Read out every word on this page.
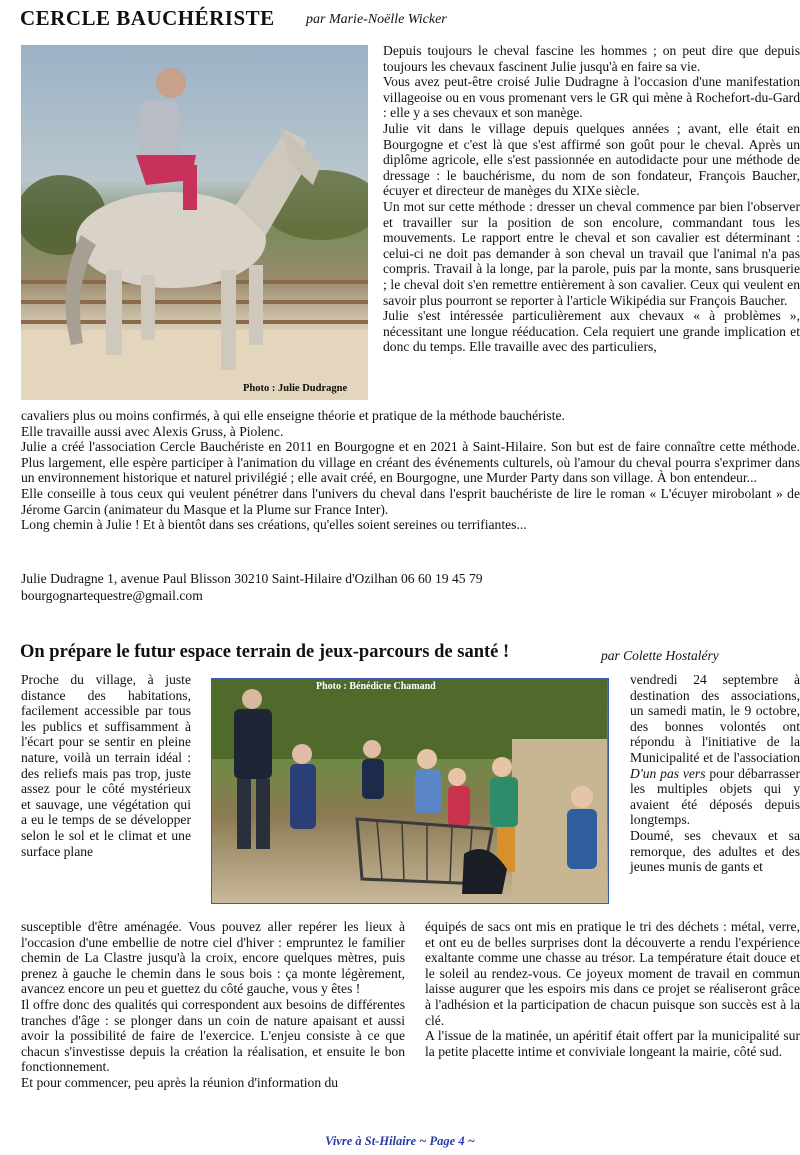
CERCLE BAUCHÉRISTE par Marie-Noëlle Wicker
Photo : Julie Dudragne

Depuis toujours le cheval fascine les hommes ; on peut dire que depuis toujours les chevaux fascinent Julie jusqu'à en faire sa vie.

Vous avez peut-être croisé Julie Dudragne à l'occasion d'une manifestation villageoise ou en vous promenant vers le GR qui mène à Rochefort-du-Gard : elle y a ses chevaux et son manège.

Julie vit dans le village depuis quelques années ; avant, elle était en Bourgogne et c'est là que s'est affirmé son goût pour le cheval. Après un diplôme agricole, elle s'est passionnée en autodidacte pour une méthode de dressage : le bauchérisme, du nom de son fondateur, François Baucher, écuyer et directeur de manèges du XIXe siècle.

Un mot sur cette méthode : dresser un cheval commence par bien l'observer et travailler sur la position de son encolure, commandant tous les mouvements. Le rapport entre le cheval et son cavalier est déterminant : celui-ci ne doit pas demander à son cheval un travail que l'animal n'a pas compris. Travail à la longe, par la parole, puis par la monte, sans brusquerie ; le cheval doit s'en remettre entièrement à son cavalier. Ceux qui veulent en savoir plus pourront se reporter à l'article Wikipédia sur François Baucher.

Julie s'est intéressée particulièrement aux chevaux « à problèmes », nécessitant une longue rééducation. Cela requiert une grande implication et donc du temps. Elle travaille avec des particuliers,

cavaliers plus ou moins confirmés, à qui elle enseigne théorie et pratique de la méthode bauchériste.

Elle travaille aussi avec Alexis Gruss, à Piolenc.

Julie a créé l'association Cercle Bauchériste en 2011 en Bourgogne et en 2021 à Saint-Hilaire. Son but est de faire connaître cette méthode. Plus largement, elle espère participer à l'animation du village en créant des événements culturels, où l'amour du cheval pourra s'exprimer dans un environnement historique et naturel privilégié ; elle avait créé, en Bourgogne, une Murder Party dans son village. À bon entendeur...

Elle conseille à tous ceux qui veulent pénétrer dans l'univers du cheval dans l'esprit bauchériste de lire le roman « L'écuyer mirobolant » de Jérome Garcin (animateur du Masque et la Plume sur France Inter).

Long chemin à Julie ! Et à bientôt dans ses créations, qu'elles soient sereines ou terrifiantes...

Julie Dudragne 1, avenue Paul Blisson 30210 Saint-Hilaire d'Ozilhan 06 60 19 45 79
bourgognartequestre@gmail.com
On prépare le futur espace terrain de jeux-parcours de santé !	par Colette Hostaléry

Proche du village, à juste distance des habitations, facilement accessible par tous les publics et suffisamment à l'écart pour se sentir en pleine nature, voilà un terrain idéal : des reliefs mais pas trop, juste assez pour le côté mystérieux et sauvage, une végétation qui a eu le temps de se développer selon le sol et le climat et une surface plane

Photo : Bénédicte Chamand	vendredi 24 septembre à destination des associations, un samedi matin, le 9 octobre, des bonnes volontés ont répondu à l'initiative de la Municipalité et de l'association D'un pas vers pour débarrasser les multiples objets qui y avaient été déposés depuis longtemps.

Doumé, ses chevaux et sa remorque, des adultes et des jeunes munis de gants et

susceptible d'être aménagée. Vous pouvez aller repérer les lieux à l'occasion d'une embellie de notre ciel d'hiver : empruntez le familier chemin de La Clastre jusqu'à la croix, encore quelques mètres, puis prenez à gauche le chemin dans le sous bois : ça monte légèrement, avancez encore un peu et guettez du côté gauche, vous y êtes !

Il offre donc des qualités qui correspondent aux besoins de différentes tranches d'âge : se plonger dans un coin de nature apaisant et aussi avoir la possibilité de faire de l'exercice. L'enjeu consiste à ce que chacun s'investisse depuis la création la réalisation, et ensuite le bon fonctionnement.

Et pour commencer, peu après la réunion d'information du

équipés de sacs ont mis en pratique le tri des déchets : métal, verre, et ont eu de belles surprises dont la découverte a rendu l'expérience exaltante comme une chasse au trésor. La température était douce et le soleil au rendez-vous. Ce joyeux moment de travail en commun laisse augurer que les espoirs mis dans ce projet se réaliseront grâce à l'adhésion et la participation de chacun puisque son succès est à la clé.

A l'issue de la matinée, un apéritif était offert par la municipalité sur la petite placette intime et conviviale longeant la mairie, côté sud.

Vivre à St-Hilaire ~ Page 4 ~
